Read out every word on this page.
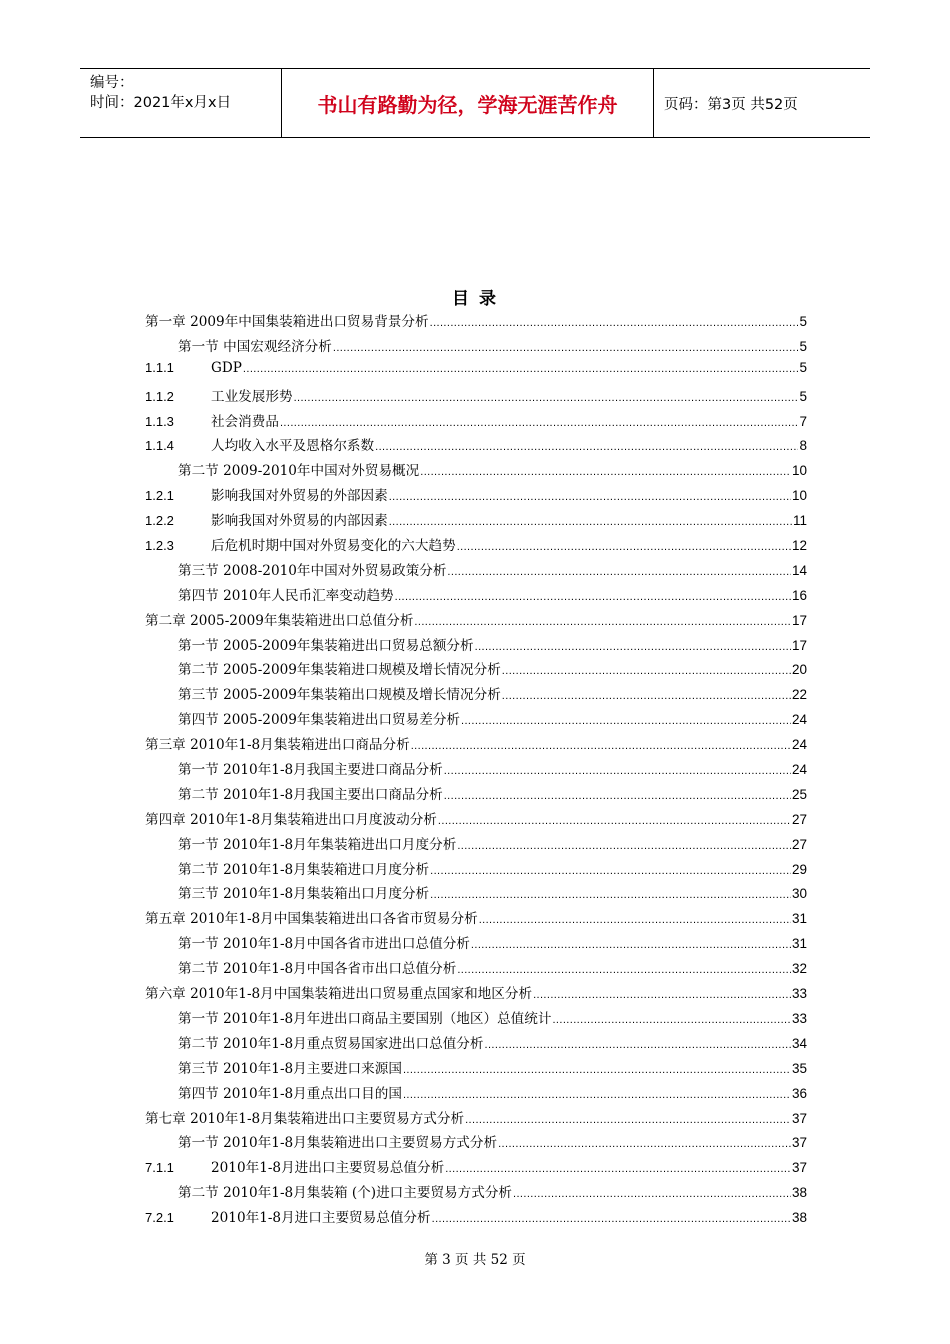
编号：
时间：2021年x月x日	书山有路勤为径，学海无涯苦作舟	页码：第3页 共52页
目 录
第一章 2009年中国集装箱进出口贸易背景分析 .....	5
第一节 中国宏观经济分析 .....	5
1.1.1	GDP .....	5
1.1.2	工业发展形势 .....	5
1.1.3	社会消费品 .....	7
1.1.4	人均收入水平及恩格尔系数 .....	8
第二节 2009-2010年中国对外贸易概况 .....	10
1.2.1	影响我国对外贸易的外部因素 .....	10
1.2.2	影响我国对外贸易的内部因素 .....	11
1.2.3	后危机时期中国对外贸易变化的六大趋势 .....	12
第三节 2008-2010年中国对外贸易政策分析 .....	14
第四节 2010年人民币汇率变动趋势 .....	16
第二章 2005-2009年集装箱进出口总值分析 .....	17
第一节 2005-2009年集装箱进出口贸易总额分析 .....	17
第二节 2005-2009年集装箱进口规模及增长情况分析 .....	20
第三节 2005-2009年集装箱出口规模及增长情况分析 .....	22
第四节 2005-2009年集装箱进出口贸易差分析 .....	24
第三章 2010年1-8月集装箱进出口商品分析 .....	24
第一节 2010年1-8月我国主要进口商品分析 .....	24
第二节 2010年1-8月我国主要出口商品分析 .....	25
第四章 2010年1-8月集装箱进出口月度波动分析 .....	27
第一节 2010年1-8月年集装箱进出口月度分析 .....	27
第二节 2010年1-8月集装箱进口月度分析 .....	29
第三节 2010年1-8月集装箱出口月度分析 .....	30
第五章 2010年1-8月中国集装箱进出口各省市贸易分析 .....	31
第一节 2010年1-8月中国各省市进出口总值分析 .....	31
第二节 2010年1-8月中国各省市出口总值分析 .....	32
第六章 2010年1-8月中国集装箱进出口贸易重点国家和地区分析 .....	33
第一节 2010年1-8月年进出口商品主要国别（地区）总值统计 .....	33
第二节 2010年1-8月重点贸易国家进出口总值分析 .....	34
第三节 2010年1-8月主要进口来源国 .....	35
第四节 2010年1-8月重点出口目的国 .....	36
第七章 2010年1-8月集装箱进出口主要贸易方式分析 .....	37
第一节 2010年1-8月集装箱进出口主要贸易方式分析 .....	37
7.1.1	2010年1-8月进出口主要贸易总值分析 .....	37
第二节 2010年1-8月集装箱 (个)进口主要贸易方式分析 .....	38
7.2.1	2010年1-8月进口主要贸易总值分析 .....	38
第 3 页 共 52 页
